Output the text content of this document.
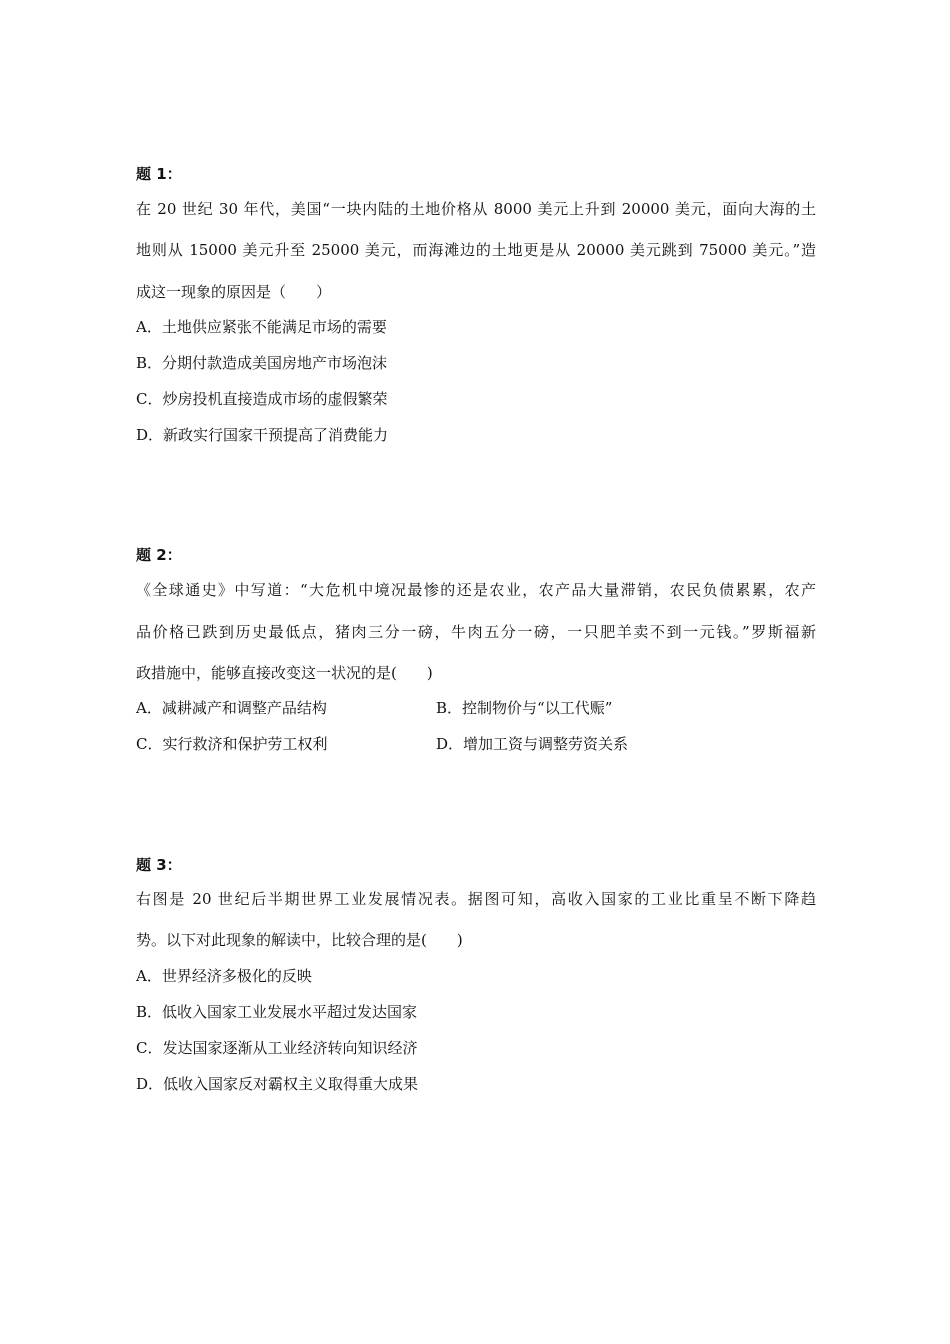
题 1：
在 20 世纪 30 年代，美国“一块内陆的土地价格从 8000 美元上升到 20000 美元，面向大海的土
地则从 15000 美元升至 25000 美元，而海滩边的土地更是从 20000 美元跳到 75000 美元。”造
成这一现象的原因是（　　）
A．土地供应紧张不能满足市场的需要
B．分期付款造成美国房地产市场泡沫
C．炒房投机直接造成市场的虚假繁荣
D．新政实行国家干预提高了消费能力
题 2：
《全球通史》中写道：“大危机中境况最惨的还是农业，农产品大量滞销，农民负债累累，农产
品价格已跌到历史最低点，猪肉三分一磅，牛肉五分一磅，一只肥羊卖不到一元钱。”罗斯福新
政措施中，能够直接改变这一状况的是(　　)
A．减耕减产和调整产品结构	B．控制物价与“以工代赈”
C．实行救济和保护劳工权利	D．增加工资与调整劳资关系
题 3：
右图是 20 世纪后半期世界工业发展情况表。据图可知，高收入国家的工业比重呈不断下降趋
势。以下对此现象的解读中，比较合理的是(　　)
A．世界经济多极化的反映
B．低收入国家工业发展水平超过发达国家
C．发达国家逐渐从工业经济转向知识经济
D．低收入国家反对霸权主义取得重大成果
